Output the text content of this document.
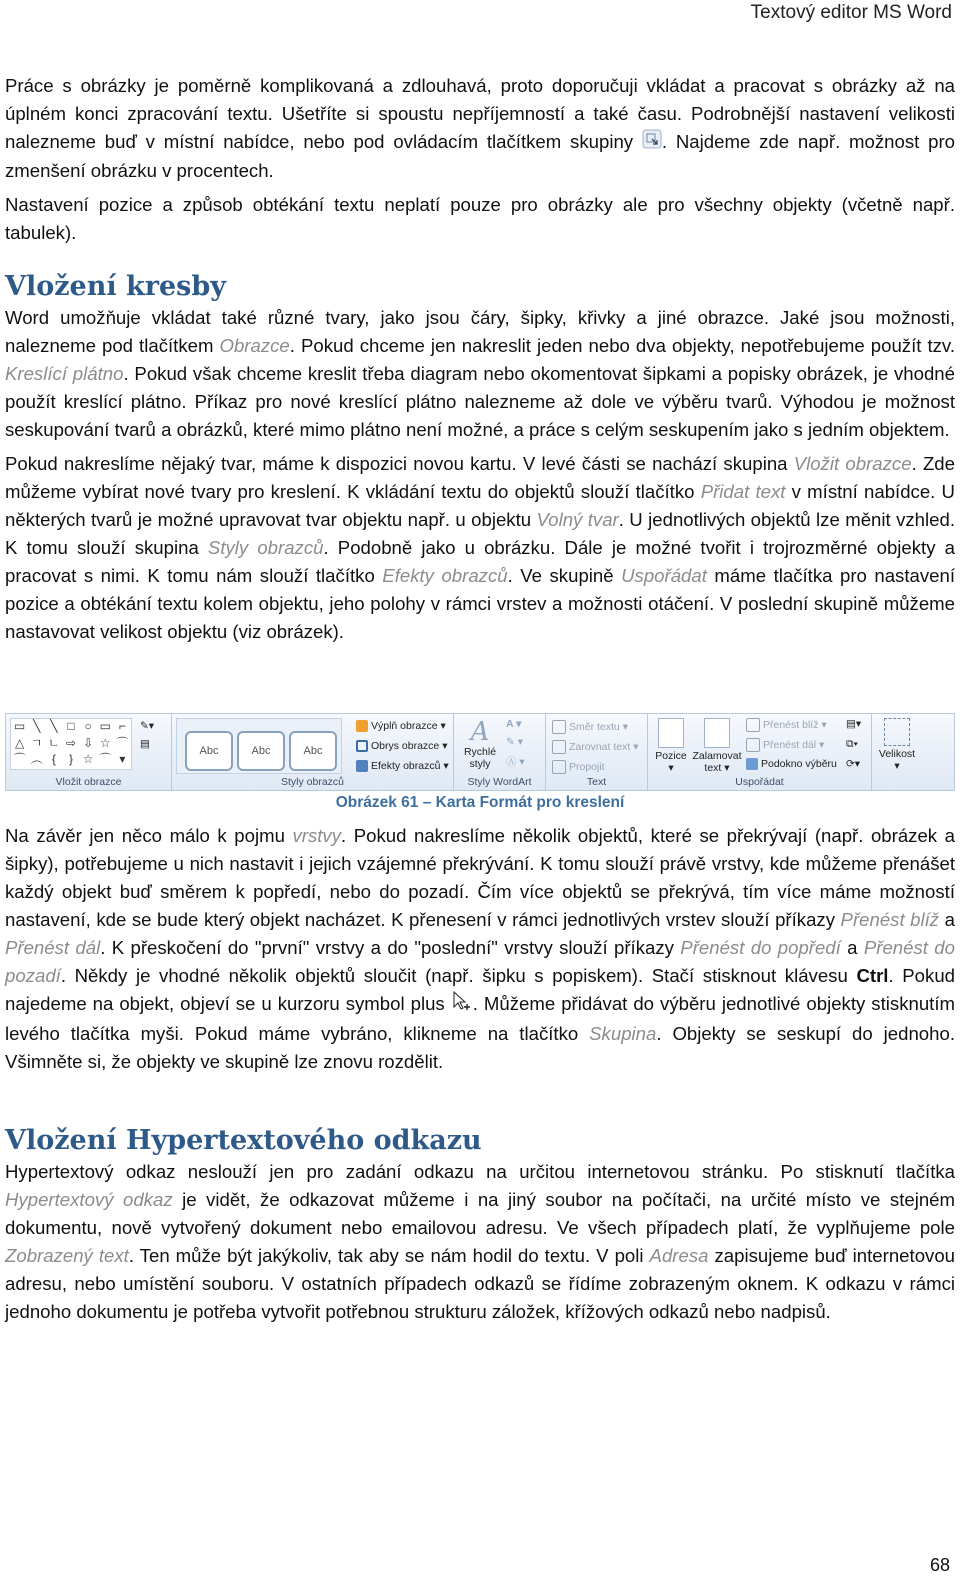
Textový editor MS Word

Práce s obrázky je poměrně komplikovaná a zdlouhavá, proto doporučuji vkládat a pracovat s obrázky až na úplném konci zpracování textu. Ušetříte si spoustu nepříjemností a také času. Podrobnější nastavení velikosti nalezneme buď v místní nabídce, nebo pod ovládacím tlačítkem skupiny . Najdeme zde např. možnost pro zmenšení obrázku v procentech.

Nastavení pozice a způsob obtékání textu neplatí pouze pro obrázky ale pro všechny objekty (včetně např. tabulek).

Vložení kresby

Word umožňuje vkládat také různé tvary, jako jsou čáry, šipky, křivky a jiné obrazce. Jaké jsou možnosti, nalezneme pod tlačítkem Obrazce. Pokud chceme jen nakreslit jeden nebo dva objekty, nepotřebujeme použít tzv. Kreslící plátno. Pokud však chceme kreslit třeba diagram nebo okomentovat šipkami a popisky obrázek, je vhodné použít kreslící plátno. Příkaz pro nové kreslící plátno nalezneme až dole ve výběru tvarů. Výhodou je možnost seskupování tvarů a obrázků, které mimo plátno není možné, a práce s celým seskupením jako s jedním objektem.

Pokud nakreslíme nějaký tvar, máme k dispozici novou kartu. V levé části se nachází skupina Vložit obrazce. Zde můžeme vybírat nové tvary pro kreslení. K vkládání textu do objektů slouží tlačítko Přidat text v místní nabídce. U některých tvarů je možné upravovat tvar objektu např. u objektu Volný tvar. U jednotlivých objektů lze měnit vzhled. K tomu slouží skupina Styly obrazců. Podobně jako u obrázku. Dále je možné tvořit i trojrozměrné objekty a pracovat s nimi. K tomu nám slouží tlačítko Efekty obrazců. Ve skupině Uspořádat máme tlačítka pro nastavení pozice a obtékání textu kolem objektu, jeho polohy v rámci vrstev a možnosti otáčení. V poslední skupině můžeme nastavovat velikost objektu (viz obrázek).

▭ ╲ ╲ □ ○ ▭ ⌐
△ ㄱ ㄴ ⇨ ⇩ ☆ ⌒
⌒ ︵ {	} ☆ ⌒ ▾
✎▾
▤
Vložit obrazce
Abc	Abc	Abc
Výplň obrazce ▾
Obrys obrazce ▾
Efekty obrazců ▾
Styly obrazců
A
Rychlé styly
A ▾
✎ ▾
Ⓐ ▾
Styly WordArt
Směr textu ▾
Zarovnat text ▾
Propojit
Text
Pozice
▾
Zalamovat text ▾
Přenést blíž ▾
Přenést dál ▾
Podokno výběru
▤▾
⧉▾
⟳▾
Uspořádat
Velikost
▾
Obrázek 61 – Karta Formát pro kreslení

Na závěr jen něco málo k pojmu vrstvy. Pokud nakreslíme několik objektů, které se překrývají (např. obrázek a šipky), potřebujeme u nich nastavit i jejich vzájemné překrývání. K tomu slouží právě vrstvy, kde můžeme přenášet každý objekt buď směrem k popředí, nebo do pozadí. Čím více objektů se překrývá, tím více máme možností nastavení, kde se bude který objekt nacházet. K přenesení v rámci jednotlivých vrstev slouží příkazy Přenést blíž a Přenést dál. K přeskočení do "první" vrstvy a do "poslední" vrstvy slouží příkazy Přenést do popředí a Přenést do pozadí. Někdy je vhodné několik objektů sloučit (např. šipku s popiskem). Stačí stisknout klávesu Ctrl. Pokud najedeme na objekt, objeví se u kurzoru symbol plus . Můžeme přidávat do výběru jednotlivé objekty stisknutím levého tlačítka myši. Pokud máme vybráno, klikneme na tlačítko Skupina. Objekty se seskupí do jednoho. Všimněte si, že objekty ve skupině lze znovu rozdělit.

Vložení Hypertextového odkazu

Hypertextový odkaz neslouží jen pro zadání odkazu na určitou internetovou stránku. Po stisknutí tlačítka Hypertextový odkaz je vidět, že odkazovat můžeme i na jiný soubor na počítači, na určité místo ve stejném dokumentu, nově vytvořený dokument nebo emailovou adresu. Ve všech případech platí, že vyplňujeme pole Zobrazený text. Ten může být jakýkoliv, tak aby se nám hodil do textu. V poli Adresa zapisujeme buď internetovou adresu, nebo umístění souboru. V ostatních případech odkazů se řídíme zobrazeným oknem. K odkazu v rámci jednoho dokumentu je potřeba vytvořit potřebnou strukturu záložek, křížových odkazů nebo nadpisů.

68
